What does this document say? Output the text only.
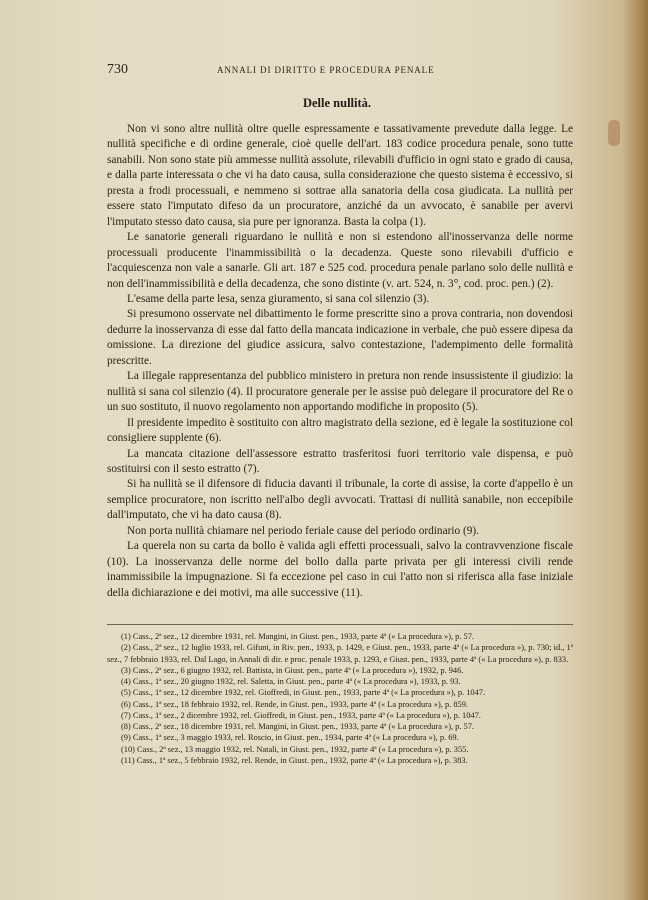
730	ANNALI DI DIRITTO E PROCEDURA PENALE
Delle nullità.

Non vi sono altre nullità oltre quelle espressamente e tassativamente prevedute dalla legge. Le nullità specifiche e di ordine generale, cioè quelle dell'art. 183 codice procedura penale, sono tutte sanabili. Non sono state più ammesse nullità assolute, rilevabili d'ufficio in ogni stato e grado di causa, e dalla parte interessata o che vi ha dato causa, sulla considerazione che questo sistema è eccessivo, si presta a frodi processuali, e nemmeno si sottrae alla sanatoria della cosa giudicata. La nullità per essere stato l'imputato difeso da un procuratore, anziché da un avvocato, è sanabile per avervi l'imputato stesso dato causa, sia pure per ignoranza. Basta la colpa (1).

Le sanatorie generali riguardano le nullità e non si estendono all'inosservanza delle norme processuali producente l'inammissibilità o la decadenza. Queste sono rilevabili d'ufficio e l'acquiescenza non vale a sanarle. Gli art. 187 e 525 cod. procedura penale parlano solo delle nullità e non dell'inammissibilità e della decadenza, che sono distinte (v. art. 524, n. 3°, cod. proc. pen.) (2).

L'esame della parte lesa, senza giuramento, si sana col silenzio (3).

Si presumono osservate nel dibattimento le forme prescritte sino a prova contraria, non dovendosi dedurre la inosservanza di esse dal fatto della mancata indicazione in verbale, che può essere dipesa da omissione. La direzione del giudice assicura, salvo contestazione, l'adempimento delle formalità prescritte.

La illegale rappresentanza del pubblico ministero in pretura non rende insussistente il giudizio: la nullità si sana col silenzio (4). Il procuratore generale per le assise può delegare il procuratore del Re o un suo sostituto, il nuovo regolamento non apportando modifiche in proposito (5).

Il presidente impedito è sostituito con altro magistrato della sezione, ed è legale la sostituzione col consigliere supplente (6).

La mancata citazione dell'assessore estratto trasferitosi fuori territorio vale dispensa, e può sostituirsi con il sesto estratto (7).

Si ha nullità se il difensore di fiducia davanti il tribunale, la corte di assise, la corte d'appello è un semplice procuratore, non iscritto nell'albo degli avvocati. Trattasi di nullità sanabile, non eccepibile dall'imputato, che vi ha dato causa (8).

Non porta nullità chiamare nel periodo feriale cause del periodo ordinario (9).

La querela non su carta da bollo è valida agli effetti processuali, salvo la contravvenzione fiscale (10). La inosservanza delle norme del bollo dalla parte privata per gli interessi civili rende inammissibile la impugnazione. Si fa eccezione pel caso in cui l'atto non si riferisca alla fase iniziale della dichiarazione e dei motivi, ma alle successive (11).

(1) Cass., 2ª sez., 12 dicembre 1931, rel. Mangini, in Giust. pen., 1933, parte 4ª (« La procedura »), p. 57.

(2) Cass., 2ª sez., 12 luglio 1933, rel. Gifuni, in Riv. pen., 1933, p. 1429, e Giust. pen., 1933, parte 4ª (« La procedura »), p. 730; id., 1ª sez., 7 febbraio 1933, rel. Dal Lago, in Annali di dir. e proc. penale 1933, p. 1293, e Giust. pen., 1933, parte 4ª (« La procedura »), p. 833.

(3) Cass., 2ª sez., 6 giugno 1932, rel. Battista, in Giust. pen., parte 4ª (« La procedura »), 1932, p. 946.

(4) Cass., 1ª sez., 20 giugno 1932, rel. Saletta, in Giust. pen., parte 4ª (« La procedura »), 1933, p. 93.

(5) Cass., 1ª sez., 12 dicembre 1932, rel. Gioffredi, in Giust. pen., 1933, parte 4ª (« La procedura »), p. 1047.

(6) Cass., 1ª sez., 18 febbraio 1932, rel. Rende, in Giust. pen., 1933, parte 4ª (« La procedura »), p. 859.

(7) Cass., 1ª sez., 2 dicembre 1932, rel. Gioffredi, in Giust. pen., 1933, parte 4ª (« La procedura »), p. 1047.

(8) Cass., 2ª sez., 18 dicembre 1931, rel. Mangini, in Giust. pen., 1933, parte 4ª (« La procedura »), p. 57.

(9) Cass., 1ª sez., 3 maggio 1933, rel. Roscio, in Giust. pen., 1934, parte 4ª (« La procedura »), p. 69.

(10) Cass., 2ª sez., 13 maggio 1932, rel. Natali, in Giust. pen., 1932, parte 4ª (« La procedura »), p. 355.

(11) Cass., 1ª sez., 5 febbraio 1932, rel. Rende, in Giust. pen., 1932, parte 4ª (« La procedura »), p. 383.
